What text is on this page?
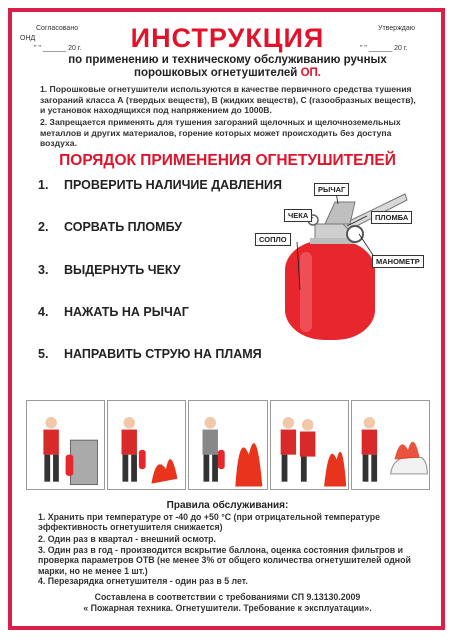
Согласовано
ОНД
" " ______ 20 г.
Утверждаю
" " ______ 20 г.
ИНСТРУКЦИЯ
по применению и техническому обслуживанию ручных
порошковых огнетушителей ОП.
1. Порошковые огнетушители используются в качестве первичного средства тушения загораний класса А (твердых веществ), В (жидких веществ), С (газообразных веществ), и установок находящихся под напряжением до 1000В.
2. Запрещается применять для тушения загораний щелочных и щелочноземельных металлов и других материалов, горение которых может происходить без доступа воздуха.
ПОРЯДОК ПРИМЕНЕНИЯ ОГНЕТУШИТЕЛЕЙ
1. ПРОВЕРИТЬ НАЛИЧИЕ ДАВЛЕНИЯ
2. СОРВАТЬ ПЛОМБУ
3. ВЫДЕРНУТЬ ЧЕКУ
4. НАЖАТЬ НА РЫЧАГ
5. НАПРАВИТЬ СТРУЮ НА ПЛАМЯ
РЫЧАГ
ЧЕКА	ПЛОМБА
СОПЛО
МАНОМЕТР
Правила обслуживания:
1. Хранить при температуре от -40 до +50 °С (при отрицательной температуре эффективность огнетушителя снижается)
2. Один раз в квартал - внешний осмотр.
3. Один раз в год - производится вскрытие баллона, оценка состояния фильтров и проверка параметров ОТВ (не менее 3% от общего количества огнетушителей одной марки, но не менее 1 шт.)
4. Перезарядка огнетушителя - один раз в 5 лет.
Составлена в соответствии с требованиями СП 9.13130.2009
« Пожарная техника. Огнетушители. Требование к эксплуатации».
